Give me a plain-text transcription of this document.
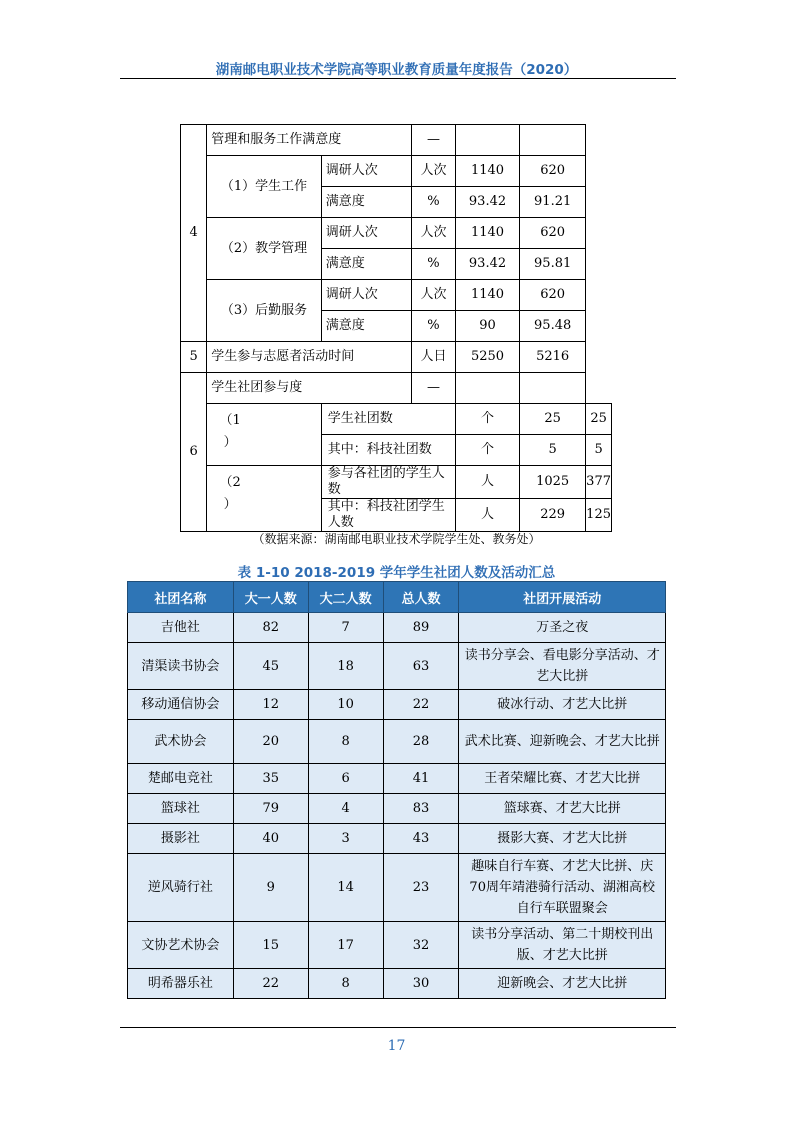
湖南邮电职业技术学院高等职业教育质量年度报告（2020）
4	管理和服务工作满意度		—			
	（1）学生工作	调研人次	人次	1140	620	
		满意度	%	93.42	91.21	
	（2）教学管理	调研人次	人次	1140	620	
		满意度	%	93.42	95.81	
	（3）后勤服务	调研人次	人次	1140	620	
		满意度	%	90	95.48	
5	学生参与志愿者活动时间		人日	5250	5216	
6	学生社团参与度		—			

	（1
）	学生社团数		个	25	25
		其中：科技社团数		个	5	5

	（2
）	参与各社团的学生人数		人	1025	377
		其中：科技社团学生人数		人	229	125
（数据来源：湖南邮电职业技术学院学生处、教务处）
表 1-10 2018-2019 学年学生社团人数及活动汇总
社团名称	大一人数	大二人数	总人数	社团开展活动
吉他社	82	7	89	万圣之夜
清渠读书协会	45	18	63	读书分享会、看电影分享活动、才艺大比拼
移动通信协会	12	10	22	破冰行动、才艺大比拼
武术协会	20	8	28	武术比赛、迎新晚会、才艺大比拼
楚邮电竞社	35	6	41	王者荣耀比赛、才艺大比拼
篮球社	79	4	83	篮球赛、才艺大比拼
摄影社	40	3	43	摄影大赛、才艺大比拼
逆风骑行社	9	14	23	趣味自行车赛、才艺大比拼、庆70周年靖港骑行活动、湖湘高校自行车联盟聚会
文协艺术协会	15	17	32	读书分享活动、第二十期校刊出版、才艺大比拼
明希器乐社	22	8	30	迎新晚会、才艺大比拼
17
